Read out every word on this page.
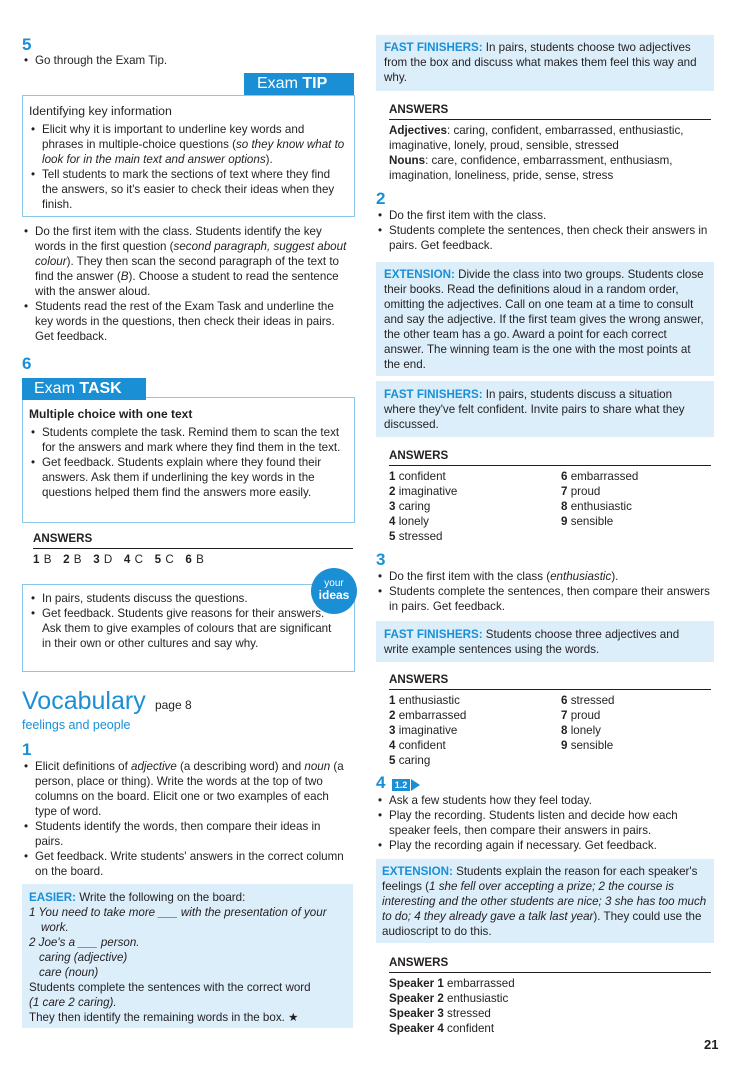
5
• Go through the Exam Tip.
Exam TIP
Identifying key information
• Elicit why it is important to underline key words and phrases in multiple-choice questions (so they know what to look for in the main text and answer options).
• Tell students to mark the sections of text where they find the answers, so it's easier to check their ideas when they finish.
• Do the first item with the class. Students identify the key words in the first question (second paragraph, suggest about colour). They then scan the second paragraph of the text to find the answer (B). Choose a student to read the sentence with the answer aloud.
• Students read the rest of the Exam Task and underline the key words in the questions, then check their ideas in pairs. Get feedback.
6
Exam TASK
Multiple choice with one text
• Students complete the task. Remind them to scan the text for the answers and mark where they find them in the text.
• Get feedback. Students explain where they found their answers. Ask them if underlining the key words in the questions helped them find the answers more easily.
ANSWERS
1 B 2 B 3 D 4 C 5 C 6 B
your
ideas
• In pairs, students discuss the questions.
• Get feedback. Students give reasons for their answers. Ask them to give examples of colours that are significant in their own or other cultures and say why.
Vocabulary page 8
feelings and people
1
• Elicit definitions of adjective (a describing word) and noun (a person, place or thing). Write the words at the top of two columns on the board. Elicit one or two examples of each type of word.
• Students identify the words, then compare their ideas in pairs.
• Get feedback. Write students' answers in the correct column on the board.
EASIER: Write the following on the board:
1 You need to take more ___ with the presentation of your work.
2 Joe's a ___ person.
caring (adjective)
care (noun)
Students complete the sentences with the correct word
(1 care 2 caring).
They then identify the remaining words in the box. ★
FAST FINISHERS: In pairs, students choose two adjectives from the box and discuss what makes them feel this way and why.
ANSWERS
Adjectives: caring, confident, embarrassed, enthusiastic, imaginative, lonely, proud, sensible, stressed
Nouns: care, confidence, embarrassment, enthusiasm, imagination, loneliness, pride, sense, stress
2
• Do the first item with the class.
• Students complete the sentences, then check their answers in pairs. Get feedback.
EXTENSION: Divide the class into two groups. Students close their books. Read the definitions aloud in a random order, omitting the adjectives. Call on one team at a time to consult and say the adjective. If the first team gives the wrong answer, the other team has a go. Award a point for each correct answer. The winning team is the one with the most points at the end.
FAST FINISHERS: In pairs, students discuss a situation where they've felt confident. Invite pairs to share what they discussed.
ANSWERS
1 confident	6 embarrassed
2 imaginative	7 proud
3 caring	8 enthusiastic
4 lonely	9 sensible
5 stressed
3
• Do the first item with the class (enthusiastic).
• Students complete the sentences, then compare their answers in pairs. Get feedback.
FAST FINISHERS: Students choose three adjectives and write example sentences using the words.
ANSWERS
1 enthusiastic	6 stressed
2 embarrassed	7 proud
3 imaginative	8 lonely
4 confident	9 sensible
5 caring
4 1.2
• Ask a few students how they feel today.
• Play the recording. Students listen and decide how each speaker feels, then compare their answers in pairs.
• Play the recording again if necessary. Get feedback.
EXTENSION: Students explain the reason for each speaker's feelings (1 she fell over accepting a prize; 2 the course is interesting and the other students are nice; 3 she has too much to do; 4 they already gave a talk last year). They could use the audioscript to do this.
ANSWERS
Speaker 1 embarrassed
Speaker 2 enthusiastic
Speaker 3 stressed
Speaker 4 confident
21
